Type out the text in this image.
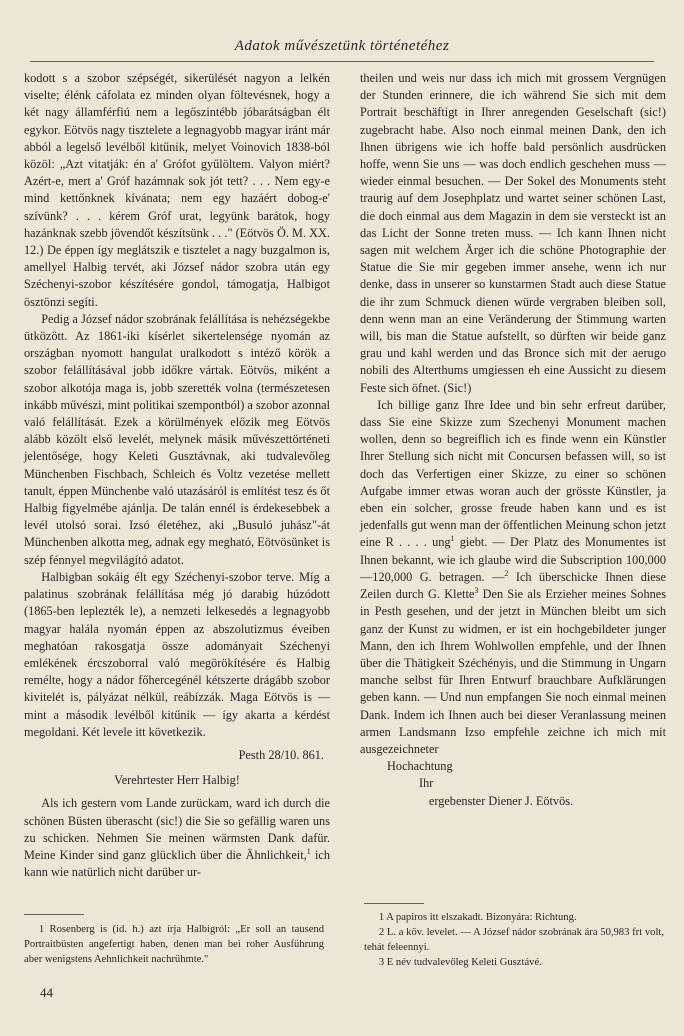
Adatok művészetünk történetéhez

kodott s a szobor szépségét, sikerülését nagyon a lelkén viselte; élénk cáfolata ez minden olyan föltevésnek, hogy a két nagy államférfiú nem a legőszintébb jóbarátságban élt egykor. Eötvös nagy tisztelete a legnagyobb magyar iránt már abból a legelső levélből kitűnik, melyet Voinovich 1838-ból közöl: „Azt vitatják: én a' Grófot gyűlöltem. Valyon miért? Azért-e, mert a' Gróf hazámnak sok jót tett? . . . Nem egy-e mind kettőnknek kívánata; nem egy hazáért dobog-e' szívünk? . . . kérem Gróf urat, legyünk barátok, hogy hazánknak szebb jövendőt készítsünk . . ." (Eötvös Ö. M. XX. 12.) De éppen így meglátszik e tisztelet a nagy buzgalmon is, amellyel Halbig tervét, aki József nádor szobra után egy Széchenyi-szobor készítésére gondol, támogatja, Halbigot ösztönzi segíti.

Pedig a József nádor szobrának felállítása is nehézségekbe ütközött. Az 1861-iki kísérlet sikertelensége nyomán az országban nyomott hangulat uralkodott s intéző körök a szobor felállításával jobb időkre vártak. Eötvös, miként a szobor alkotója maga is, jobb szerették volna (természetesen inkább művészi, mint politikai szempontból) a szobor azonnal való felállítását. Ezek a körülmények előzik meg Eötvös alább közölt első levelét, melynek másik művészettörténeti jelentősége, hogy Keleti Gusztávnak, aki tudvalevőleg Münchenben Fischbach, Schleich és Voltz vezetése mellett tanult, éppen Münchenbe való utazásáról is említést tesz és őt Halbig figyelmébe ajánlja. De talán ennél is érdekesebbek a levél utolsó sorai. Izsó életéhez, aki „Busuló juhász"-át Münchenben alkotta meg, adnak egy megható, Eötvösünket is szép fénnyel megvilágító adatot.

Halbigban sokáig élt egy Széchenyi-szobor terve. Míg a palatinus szobrának felállítása még jó darabig húzódott (1865-ben leplezték le), a nemzeti lelkesedés a legnagyobb magyar halála nyomán éppen az abszolutizmus éveiben meghatóan rakosgatja össze adományait Széchenyi emlékének ércszoborral való megörökítésére és Halbig remélte, hogy a nádor főhercegénél kétszerte drágább szobor kivitelét is, pályázat nélkül, reábízzák. Maga Eötvös is — mint a második levélből kitűnik — így akarta a kérdést megoldani. Két levele itt következik.

Pesth 28/10. 861.

Verehrtester Herr Halbig!

Als ich gestern vom Lande zurückam, ward ich durch die schönen Büsten überascht (sic!) die Sie so gefällig waren uns zu schicken. Nehmen Sie meinen wärmsten Dank dafür. Meine Kinder sind ganz glücklich über die Ähnlichkeit,$^1$ ich kann wie natürlich nicht darüber ur-

theilen und weis nur dass ich mich mit grossem Vergnügen der Stunden erinnere, die ich während Sie sich mit dem Portrait beschäftigt in Ihrer anregenden Geselschaft (sic!) zugebracht habe. Also noch einmal meinen Dank, den ich Ihnen übrigens wie ich hoffe bald persönlich ausdrücken hoffe, wenn Sie uns — was doch endlich geschehen muss — wieder einmal besuchen. — Der Sokel des Monuments steht traurig auf dem Josephplatz und wartet seiner schönen Last, die doch einmal aus dem Magazin in dem sie versteckt ist an das Licht der Sonne treten muss. — Ich kann Ihnen nicht sagen mit welchem Ärger ich die schöne Photographie der Statue die Sie mir gegeben immer ansehe, wenn ich nur denke, dass in unserer so kunstarmen Stadt auch diese Statue die ihr zum Schmuck dienen würde vergraben bleiben soll, denn wenn man an eine Veränderung der Stimmung warten will, bis man die Statue aufstellt, so dürften wir beide ganz grau und kahl werden und das Bronce sich mit der aerugo nobili des Alterthums umgiessen eh eine Aussicht zu diesem Feste sich öfnet. (Sic!)

Ich billige ganz Ihre Idee und bin sehr erfreut darüber, dass Sie eine Skizze zum Szechenyi Monument machen wollen, denn so begreiflich ich es finde wenn ein Künstler Ihrer Stellung sich nicht mit Concursen befassen will, so ist doch das Verfertigen einer Skizze, zu einer so schönen Aufgabe immer etwas woran auch der grösste Künstler, ja eben ein solcher, grosse freude haben kann und es ist jedenfalls gut wenn man der öffentlichen Meinung schon jetzt eine R . . . . ung$^1$ giebt. — Der Platz des Monumentes ist Ihnen bekannt, wie ich glaube wird die Subscription 100,000—120,000 G. betragen. —$^2$ Ich überschicke Ihnen diese Zeilen durch G. Klette$^3$ Den Sie als Erzieher meines Sohnes in Pesth gesehen, und der jetzt in München bleibt um sich ganz der Kunst zu widmen, er ist ein hochgebildeter junger Mann, den ich Ihrem Wohlwollen empfehle, und der Ihnen über die Thätigkeit Széchényis, und die Stimmung in Ungarn manche selbst für Ihren Entwurf brauchbare Aufklärungen geben kann. — Und nun empfangen Sie noch einmal meinen Dank. Indem ich Ihnen auch bei dieser Veranlassung meinen armen Landsmann Izso empfehle zeichne ich mich mit ausgezeichneter

Hochachtung
Ihr
ergebenster Diener J. Eötvös.

1 Rosenberg is (id. h.) azt írja Halbigról: „Er soll an tausend Portraitbüsten angefertigt haben, denen man bei roher Ausführung aber wenigstens Aehnlichkeit nachrühmte."

1 A papiros itt elszakadt. Bizonyára: Richtung.

2 L. a köv. levelet. — A József nádor szobrának ára 50,983 frt volt, tehát feleennyi.

3 E név tudvalevőleg Keleti Gusztávé.

44
